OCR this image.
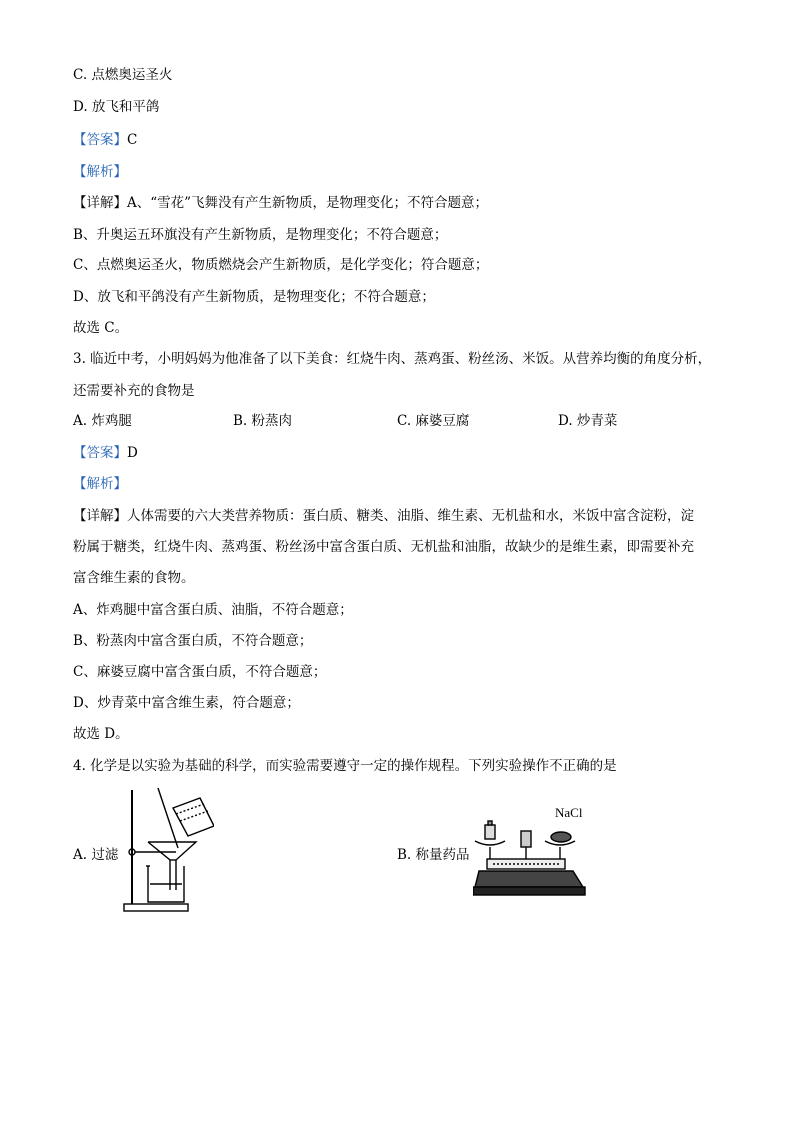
C. 点燃奥运圣火
D. 放飞和平鸽
【答案】C
【解析】
【详解】A、“雪花”飞舞没有产生新物质，是物理变化；不符合题意；
B、升奥运五环旗没有产生新物质，是物理变化；不符合题意；
C、点燃奥运圣火，物质燃烧会产生新物质，是化学变化；符合题意；
D、放飞和平鸽没有产生新物质，是物理变化；不符合题意；
故选 C。
3. 临近中考，小明妈妈为他准备了以下美食：红烧牛肉、蒸鸡蛋、粉丝汤、米饭。从营养均衡的角度分析，
还需要补充的食物是
A. 炸鸡腿	B. 粉蒸肉	C. 麻婆豆腐	D. 炒青菜
【答案】D
【解析】
【详解】人体需要的六大类营养物质：蛋白质、糖类、油脂、维生素、无机盐和水，米饭中富含淀粉，淀
粉属于糖类，红烧牛肉、蒸鸡蛋、粉丝汤中富含蛋白质、无机盐和油脂，故缺少的是维生素，即需要补充
富含维生素的食物。
A、炸鸡腿中富含蛋白质、油脂，不符合题意；
B、粉蒸肉中富含蛋白质，不符合题意；
C、麻婆豆腐中富含蛋白质，不符合题意；
D、炒青菜中富含维生素，符合题意；
故选 D。
4. 化学是以实验为基础的科学，而实验需要遵守一定的操作规程。下列实验操作不正确的是
A. 过滤	B. 称量药品
NaCl
